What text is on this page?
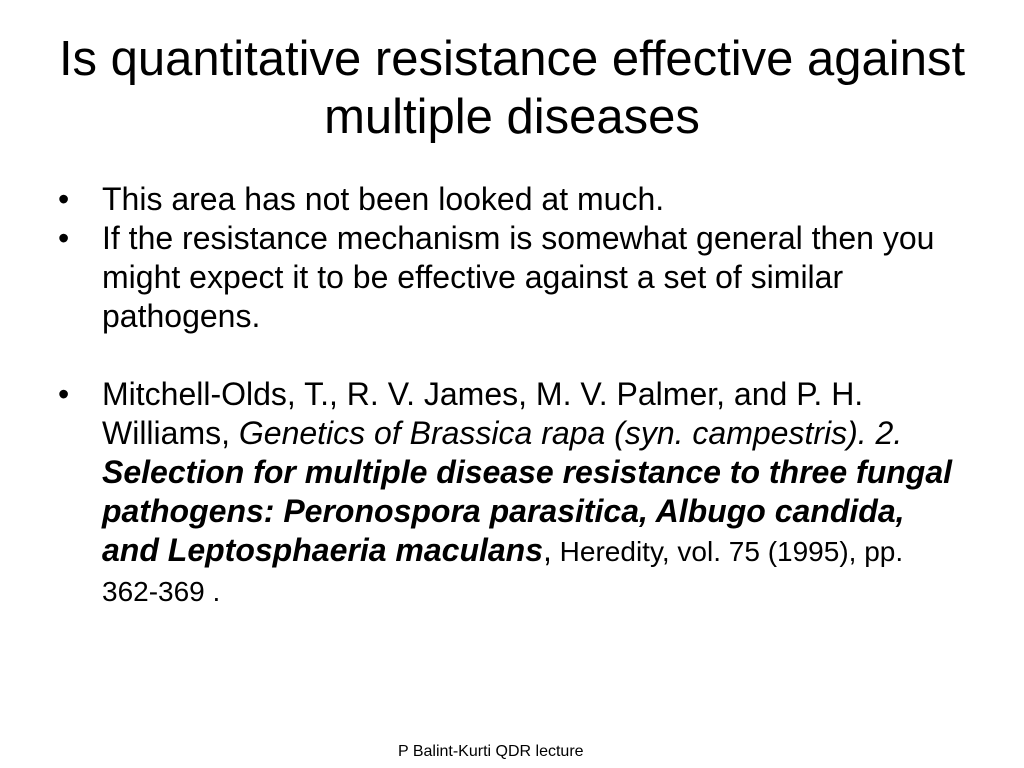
Is quantitative resistance effective against multiple diseases
• This area has not been looked at much.
• If the resistance mechanism is somewhat general then you might expect it to be effective against a set of similar pathogens.
• Mitchell-Olds, T., R. V. James, M. V. Palmer, and P. H. Williams, Genetics of Brassica rapa (syn. campestris). 2. Selection for multiple disease resistance to three fungal pathogens: Peronospora parasitica, Albugo candida, and Leptosphaeria maculans, Heredity, vol. 75 (1995), pp. 362-369 .
P Balint-Kurti QDR lecture
